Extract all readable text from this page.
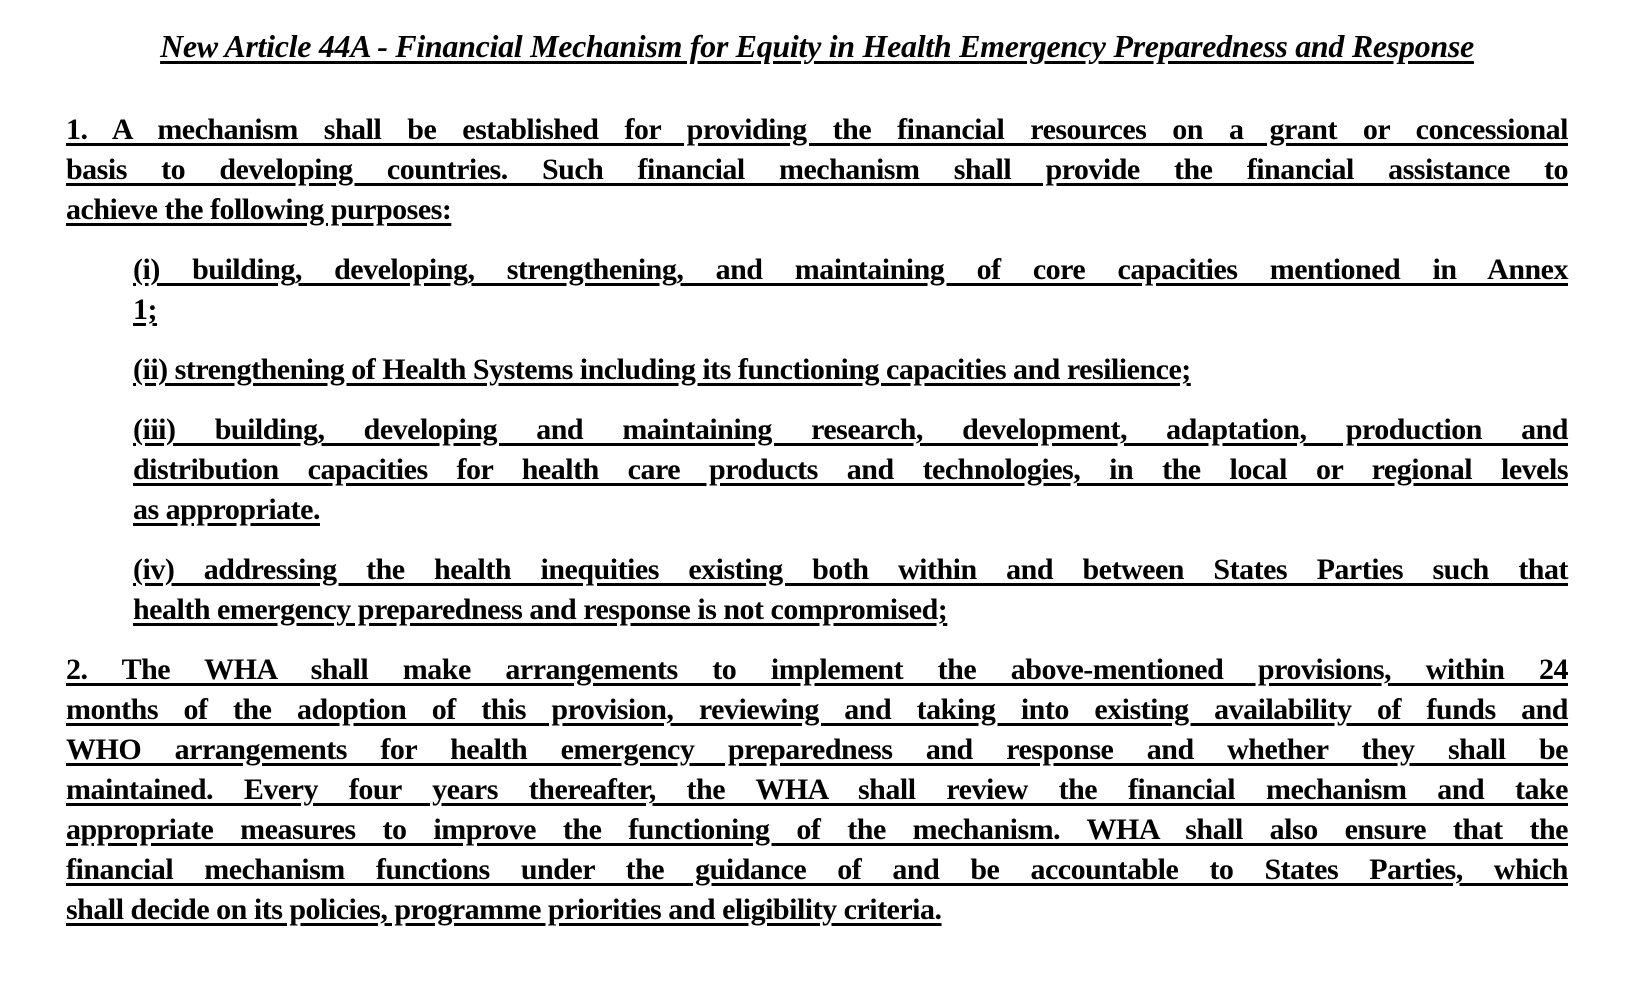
New Article 44A - Financial Mechanism for Equity in Health Emergency Preparedness and Response
1. A mechanism shall be established for providing the financial resources on a grant or concessional
basis to developing countries. Such financial mechanism shall provide the financial assistance to
achieve the following purposes:
(i) building, developing, strengthening, and maintaining of core capacities mentioned in Annex
1;
(ii) strengthening of Health Systems including its functioning capacities and resilience;
(iii) building, developing and maintaining research, development, adaptation, production and
distribution capacities for health care products and technologies, in the local or regional levels
as appropriate.
(iv) addressing the health inequities existing both within and between States Parties such that
health emergency preparedness and response is not compromised;
2. The WHA shall make arrangements to implement the above-mentioned provisions, within 24
months of the adoption of this provision, reviewing and taking into existing availability of funds and
WHO arrangements for health emergency preparedness and response and whether they shall be
maintained. Every four years thereafter, the WHA shall review the financial mechanism and take
appropriate measures to improve the functioning of the mechanism. WHA shall also ensure that the
financial mechanism functions under the guidance of and be accountable to States Parties, which
shall decide on its policies, programme priorities and eligibility criteria.
